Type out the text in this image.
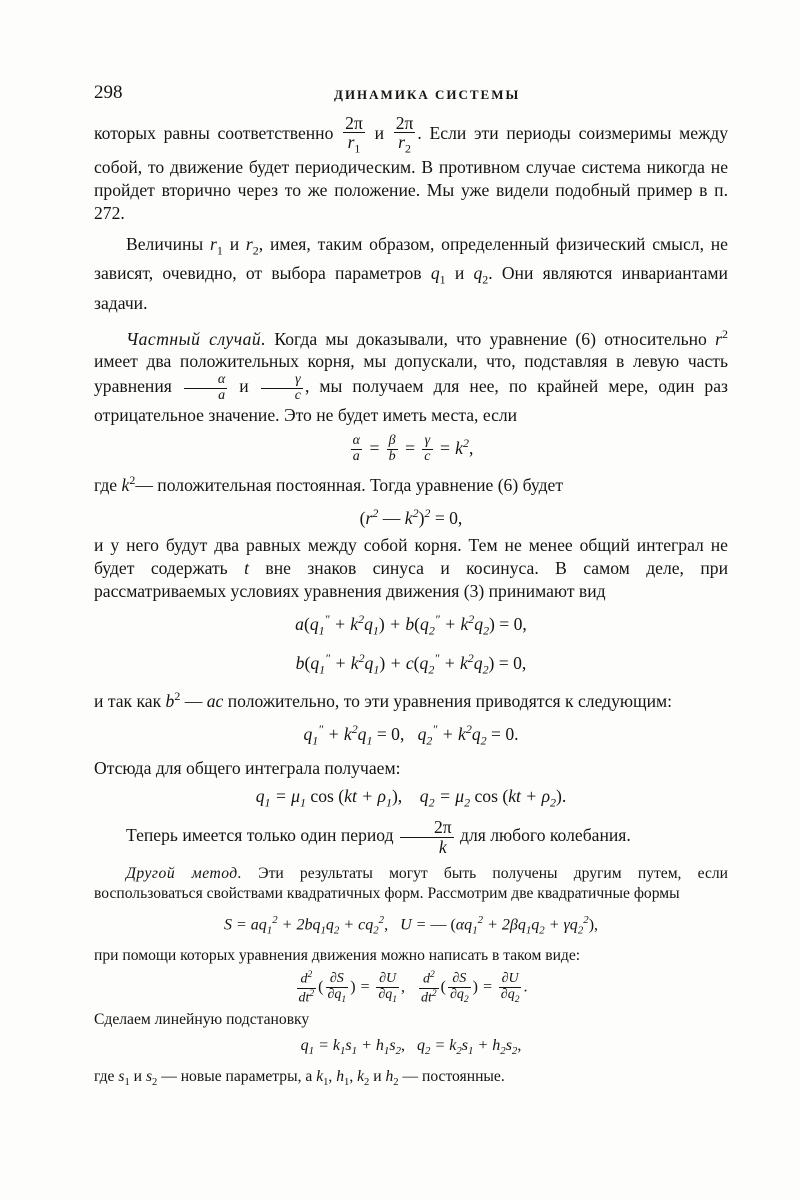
298	ДИНАМИКА СИСТЕМЫ

которых равны соответственно $\frac{2\pi}{r_1}$ и $\frac{2\pi}{r_2}$ . Если эти периоды соизмеримы между собой, то движение будет периодическим. В противном случае система никогда не пройдет вторично через то же положение. Мы уже видели подобный пример в п. 272.

Величины $r_1$ и $r_2$, имея, таким образом, определенный физический смысл, не зависят, очевидно, от выбора параметров $q_1$ и $q_2$. Они являются инвариантами задачи.

Частный случай. Когда мы доказывали, что уравнение (6) относительно $r^2$ имеет два положительных корня, мы допускали, что, подставляя в левую часть уравнения $\frac{\alpha}{a}$ и $\frac{\gamma}{c}$ , мы получаем для нее, по крайней мере, один раз отрицательное значение. Это не будет иметь места, если

$\frac{\alpha}{a} = \frac{\beta}{b} = \frac{\gamma}{c} = k^2$,

где $k^2—$ положительная постоянная. Тогда уравнение (6) будет

($r^2$ — $k^2)^2 = 0$,

и у него будут два равных между собой корня. Тем не менее общий интеграл не будет содержать t вне знаков синуса и косинуса. В самом деле, при рассматриваемых условиях уравнения движения (3) принимают вид

$a(q_1'' + k^2q_1) + b(q_2'' + k^2q_2) = 0$,
$b(q_1'' + k^2q_1) + c(q_2'' + k^2q_2) = 0$,

и так как $b^2$ — ac положительно, то эти уравнения приводятся к следующим:

$q_1'' + k^2q_1 = 0$,   $q_2'' + k^2q_2 = 0$.

Отсюда для общего интеграла получаем:

$q_1 = \mu_1$ $\cos (kt + \rho_1)$,    $q_2 = \mu_2$ $\cos (kt + \rho_2)$.

Теперь имеется только один период $\frac{2\pi}{k}$ для любого колебания.

Другой метод. Эти результаты могут быть получены другим путем, если воспользоваться свойствами квадратичных форм. Рассмотрим две квадратичные формы

$S = aq_1^2 + 2bq_1q_2 + cq_2^2$,   U = — $(\alpha q_1^2 + 2\beta q_1q_2 + \gamma q_2^2)$,

при помощи которых уравнения движения можно написать в таком виде:

$\frac{d^2}{dt^2}$ ( $\frac{\partial S}{\partial q_1}$ ) = $\frac{\partial U}{\partial q_1}$ , $\frac{d^2}{dt^2}$ ( $\frac{\partial S}{\partial q_2}$ ) = $\frac{\partial U}{\partial q_2}$ .

Сделаем линейную подстановку

$q_1 = k_1s_1 + h_1s_2$,   $q_2 = k_2s_1 + h_2s_2$,

где $s_1$ и $s_2$ — новые параметры, а $k_1$, $h_1$, $k_2$ и $h_2$ — постоянные.
